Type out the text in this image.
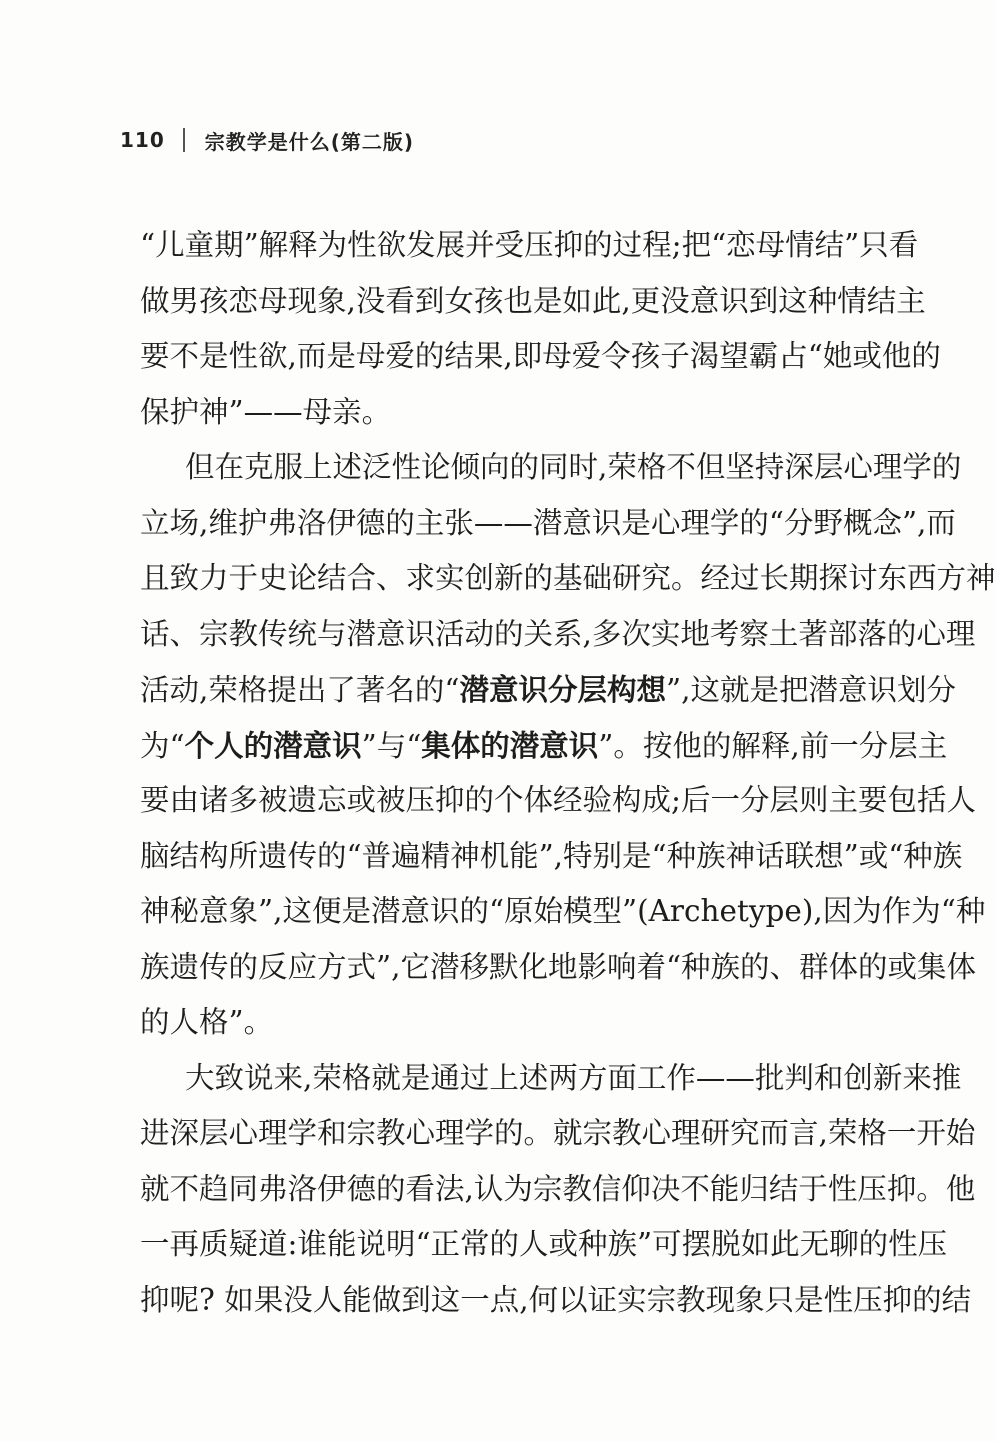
110 宗教学是什么(第二版)
“儿童期”解释为性欲发展并受压抑的过程;把“恋母情结”只看
做男孩恋母现象,没看到女孩也是如此,更没意识到这种情结主
要不是性欲,而是母爱的结果,即母爱令孩子渴望霸占“她或他的
保护神”——母亲。
但在克服上述泛性论倾向的同时,荣格不但坚持深层心理学的
立场,维护弗洛伊德的主张——潜意识是心理学的“分野概念”,而
且致力于史论结合、求实创新的基础研究。经过长期探讨东西方神
话、宗教传统与潜意识活动的关系,多次实地考察土著部落的心理
活动,荣格提出了著名的“潜意识分层构想”,这就是把潜意识划分
为“个人的潜意识”与“集体的潜意识”。按他的解释,前一分层主
要由诸多被遗忘或被压抑的个体经验构成;后一分层则主要包括人
脑结构所遗传的“普遍精神机能”,特别是“种族神话联想”或“种族
神秘意象”,这便是潜意识的“原始模型”(Archetype),因为作为“种
族遗传的反应方式”,它潜移默化地影响着“种族的、群体的或集体
的人格”。
大致说来,荣格就是通过上述两方面工作——批判和创新来推
进深层心理学和宗教心理学的。就宗教心理研究而言,荣格一开始
就不趋同弗洛伊德的看法,认为宗教信仰决不能归结于性压抑。他
一再质疑道:谁能说明“正常的人或种族”可摆脱如此无聊的性压
抑呢? 如果没人能做到这一点,何以证实宗教现象只是性压抑的结
